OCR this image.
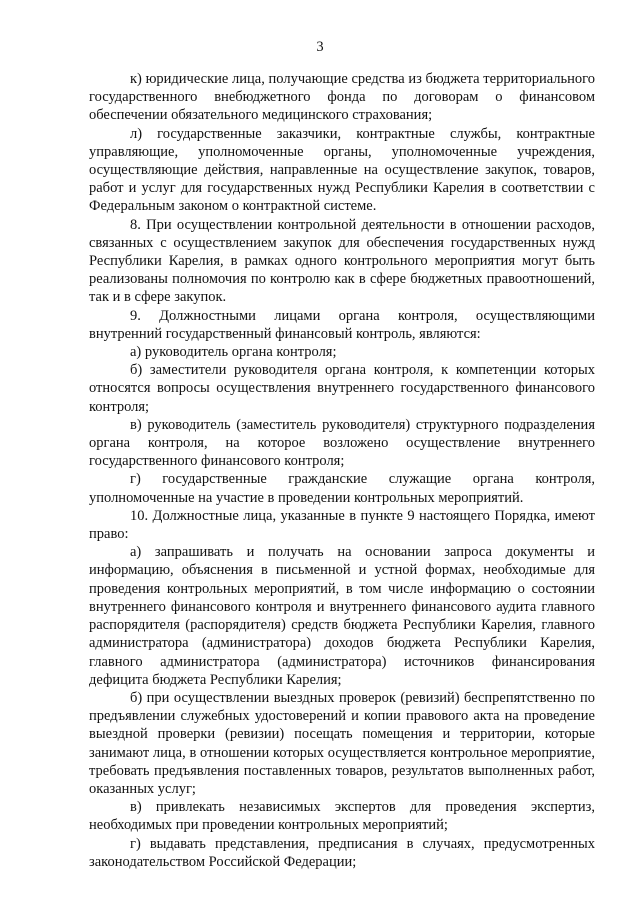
3

к) юридические лица, получающие средства из бюджета территориального государственного внебюджетного фонда по договорам о финансовом обеспечении обязательного медицинского страхования;

л) государственные заказчики, контрактные службы, контрактные управляющие, уполномоченные органы, уполномоченные учреждения, осуществляющие действия, направленные на осуществление закупок, товаров, работ и услуг для государственных нужд Республики Карелия в соответствии с Федеральным законом о контрактной системе.

8. При осуществлении контрольной деятельности в отношении расходов, связанных с осуществлением закупок для обеспечения государственных нужд Республики Карелия, в рамках одного контрольного мероприятия могут быть реализованы полномочия по контролю как в сфере бюджетных правоотношений, так и в сфере закупок.

9. Должностными лицами органа контроля, осуществляющими внутренний государственный финансовый контроль, являются:

а) руководитель органа контроля;

б) заместители руководителя органа контроля, к компетенции которых относятся вопросы осуществления внутреннего государственного финансового контроля;

в) руководитель (заместитель руководителя) структурного подразделения органа контроля, на которое возложено осуществление внутреннего государственного финансового контроля;

г) государственные гражданские служащие органа контроля, уполномоченные на участие в проведении контрольных мероприятий.

10. Должностные лица, указанные в пункте 9 настоящего Порядка, имеют право:

а) запрашивать и получать на основании запроса документы и информацию, объяснения в письменной и устной формах, необходимые для проведения контрольных мероприятий, в том числе информацию о состоянии внутреннего финансового контроля и внутреннего финансового аудита главного распорядителя (распорядителя) средств бюджета Республики Карелия, главного администратора (администратора) доходов бюджета Республики Карелия, главного администратора (администратора) источников финансирования дефицита бюджета Республики Карелия;

б) при осуществлении выездных проверок (ревизий) беспрепятственно по предъявлении служебных удостоверений и копии правового акта на проведение выездной проверки (ревизии) посещать помещения и территории, которые занимают лица, в отношении которых осуществляется контрольное мероприятие, требовать предъявления поставленных товаров, результатов выполненных работ, оказанных услуг;

в) привлекать независимых экспертов для проведения экспертиз, необходимых при проведении контрольных мероприятий;

г) выдавать представления, предписания в случаях, предусмотренных законодательством Российской Федерации;
